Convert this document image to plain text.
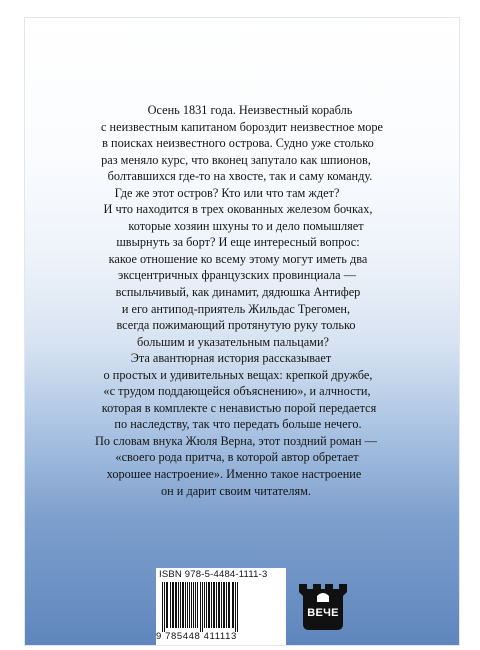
Осень 1831 года. Неизвестный корабль
с неизвестным капитаном бороздит неизвестное море
в поисках неизвестного острова. Судно уже столько
раз меняло курс, что вконец запутало как шпионов,
болтавшихся где-то на хвосте, так и саму команду.
Где же этот остров? Кто или что там ждет?
И что находится в трех окованных железом бочках,
которые хозяин шхуны то и дело помышляет
швырнуть за борт? И еще интересный вопрос:
какое отношение ко всему этому могут иметь два
эксцентричных французских провинциала —
вспыльчивый, как динамит, дядюшка Антифер
и его антипод-приятель Жильдас Трегомен,
всегда пожимающий протянутую руку только
большим и указательным пальцами?
Эта авантюрная история рассказывает
о простых и удивительных вещах: крепкой дружбе,
«с трудом поддающейся объяснению», и алчности,
которая в комплекте с ненавистью порой передается
по наследству, так что передать больше нечего.
По словам внука Жюля Верна, этот поздний роман —
«своего рода притча, в которой автор обретает
хорошее настроение». Именно такое настроение
он и дарит своим читателям.
ISBN 978-5-4484-1111-3
9 785448 411113
ВЕЧЕ
